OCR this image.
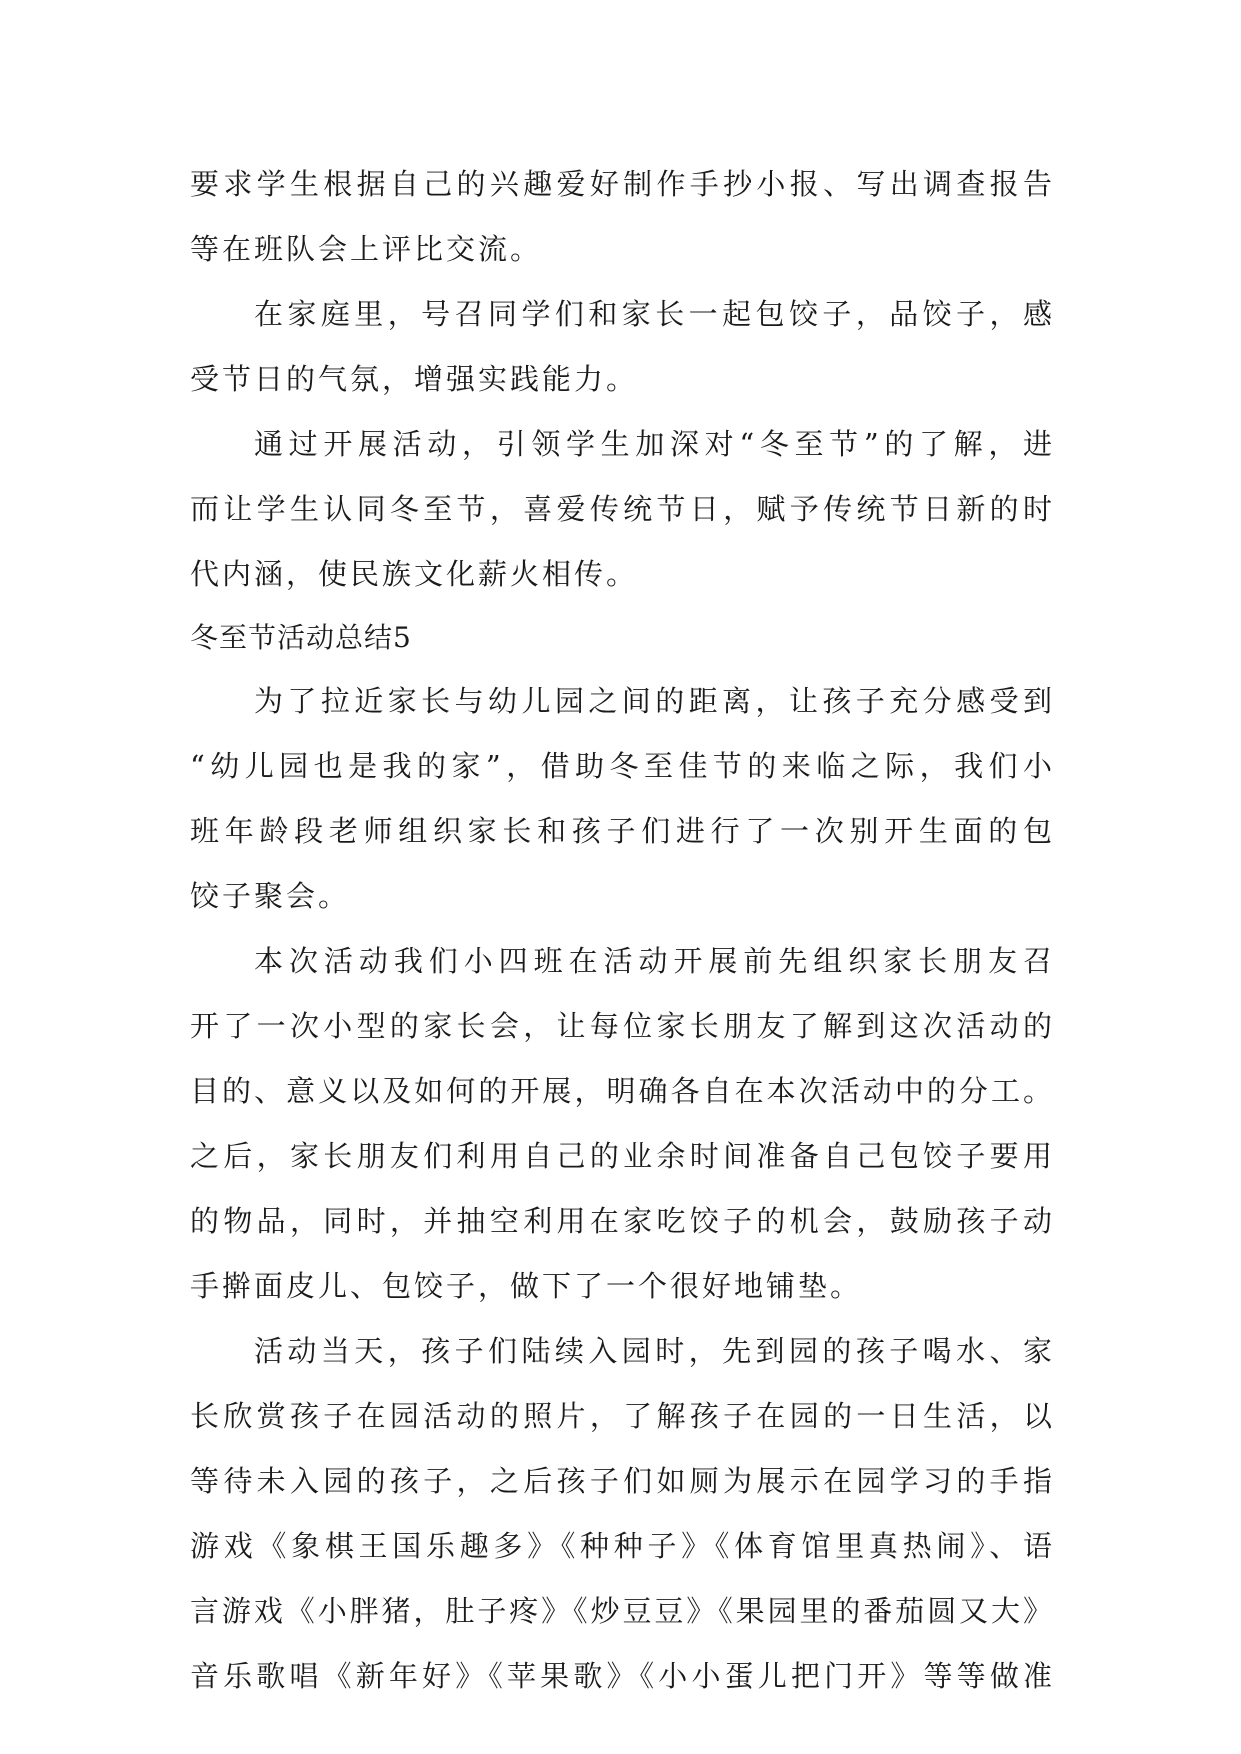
要求学生根据自己的兴趣爱好制作手抄小报、写出调查报告
等在班队会上评比交流。
在家庭里，号召同学们和家长一起包饺子，品饺子，感
受节日的气氛，增强实践能力。
通过开展活动，引领学生加深对“冬至节”的了解，进
而让学生认同冬至节，喜爱传统节日，赋予传统节日新的时
代内涵，使民族文化薪火相传。
冬至节活动总结5
为了拉近家长与幼儿园之间的距离，让孩子充分感受到
“幼儿园也是我的家”，借助冬至佳节的来临之际，我们小
班年龄段老师组织家长和孩子们进行了一次别开生面的包
饺子聚会。
本次活动我们小四班在活动开展前先组织家长朋友召
开了一次小型的家长会，让每位家长朋友了解到这次活动的
目的、意义以及如何的开展，明确各自在本次活动中的分工。
之后，家长朋友们利用自己的业余时间准备自己包饺子要用
的物品，同时，并抽空利用在家吃饺子的机会，鼓励孩子动
手擀面皮儿、包饺子，做下了一个很好地铺垫。
活动当天，孩子们陆续入园时，先到园的孩子喝水、家
长欣赏孩子在园活动的照片，了解孩子在园的一日生活，以
等待未入园的孩子，之后孩子们如厕为展示在园学习的手指
游戏《象棋王国乐趣多》《种种子》《体育馆里真热闹》、语
言游戏《小胖猪，肚子疼》《炒豆豆》《果园里的番茄圆又大》
音乐歌唱《新年好》《苹果歌》《小小蛋儿把门开》等等做准
